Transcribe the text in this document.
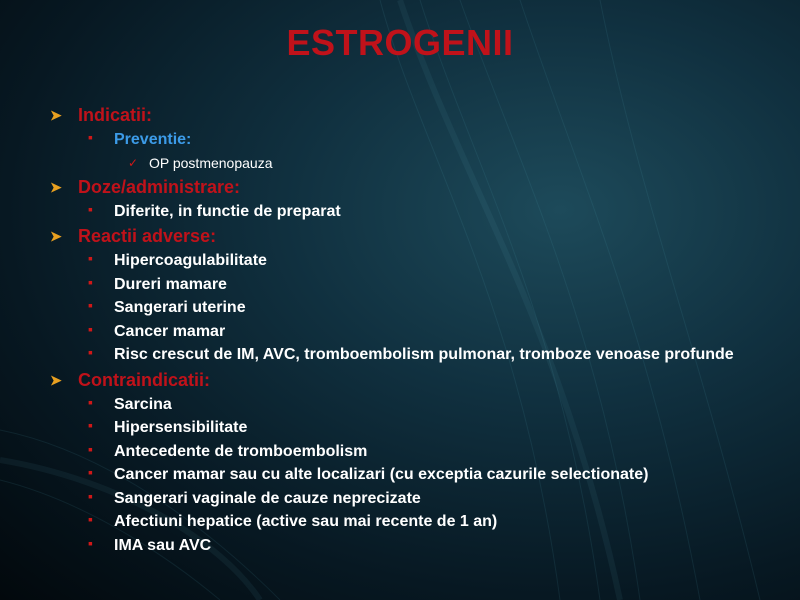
ESTROGENII
➤ Indicatii:
▪ Preventie:
✓ OP postmenopauza
➤ Doze/administrare:
▪ Diferite, in functie de preparat
➤ Reactii adverse:
▪ Hipercoagulabilitate
▪ Dureri mamare
▪ Sangerari uterine
▪ Cancer mamar
▪ Risc crescut de IM, AVC, tromboembolism pulmonar, tromboze venoase profunde
➤ Contraindicatii:
▪ Sarcina
▪ Hipersensibilitate
▪ Antecedente de tromboembolism
▪ Cancer mamar sau cu alte localizari (cu exceptia cazurile selectionate)
▪ Sangerari vaginale de cauze neprecizate
▪ Afectiuni hepatice (active sau mai recente de 1 an)
▪ IMA sau AVC
